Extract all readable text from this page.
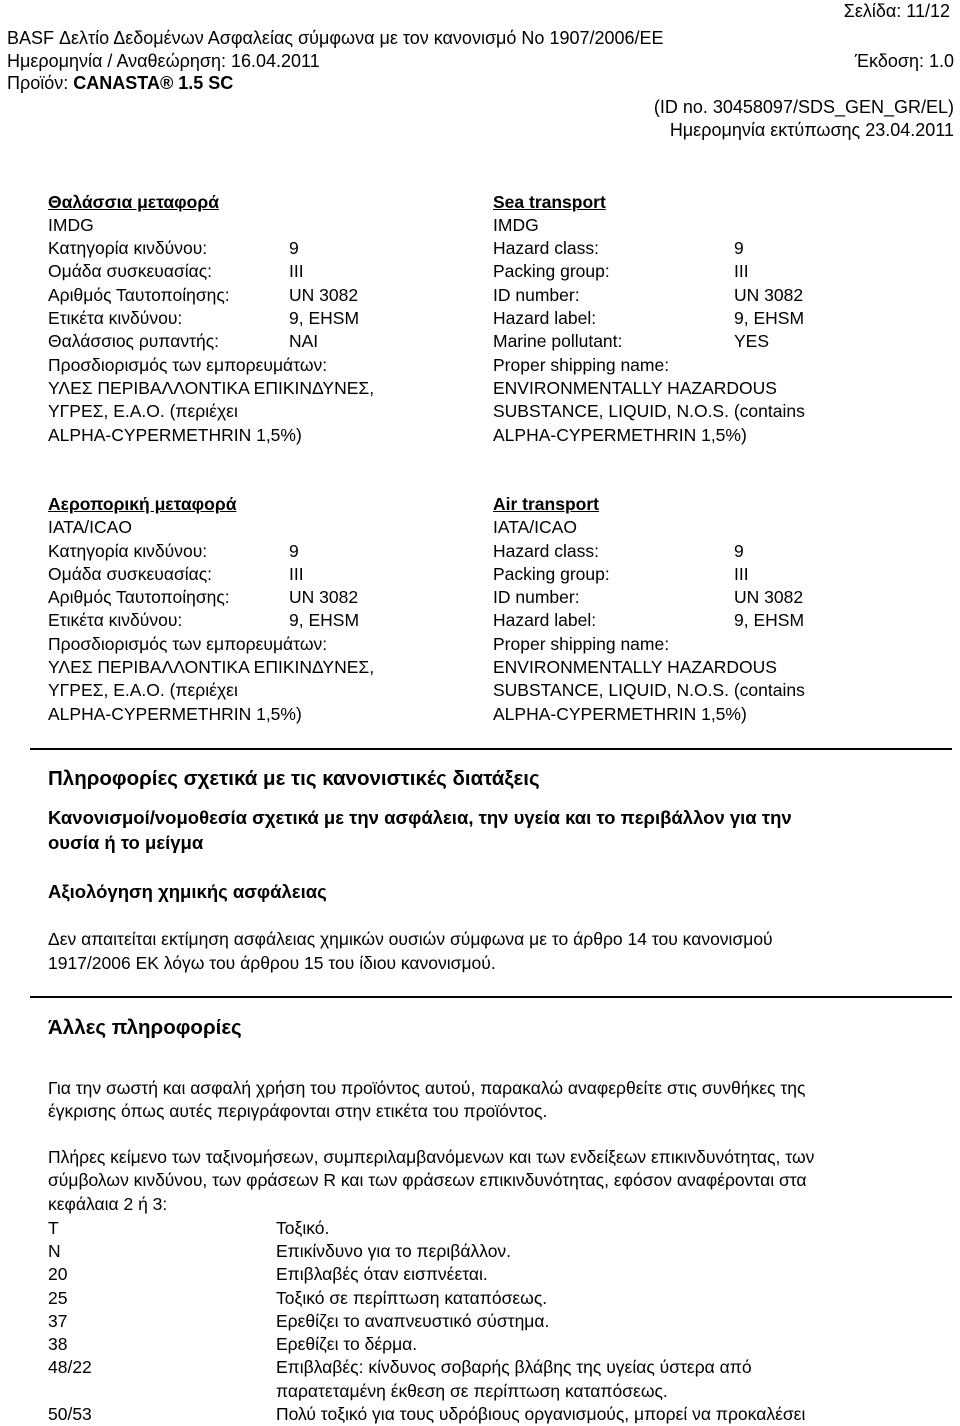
Σελίδα: 11/12
BASF Δελτίο Δεδομένων Ασφαλείας σύμφωνα με τον κανονισμό Νο 1907/2006/ΕΕ
Ημερομηνία / Αναθεώρηση: 16.04.2011	Έκδοση: 1.0
Προϊόν: CANASTA® 1.5 SC
(ID no. 30458097/SDS_GEN_GR/EL)
Ημερομηνία εκτύπωσης 23.04.2011
Θαλάσσια μεταφορά
IMDG
Κατηγορία κινδύνου:	9
Ομάδα συσκευασίας:	III
Αριθμός Ταυτοποίησης:	UN 3082
Ετικέτα κινδύνου:	9, EHSM
Θαλάσσιος ρυπαντής:	ΝΑΙ
Προσδιορισμός των εμπορευμάτων:
ΥΛΕΣ ΠΕΡΙΒΑΛΛΟΝΤΙΚΑ ΕΠΙΚΙΝΔΥΝΕΣ,
ΥΓΡΕΣ, Ε.Α.Ο. (περιέχει
ALPHA-CYPERMETHRIN 1,5%)
Sea transport
IMDG
Hazard class:	9
Packing group:	III
ID number:	UN 3082
Hazard label:	9, EHSM
Marine pollutant:	YES
Proper shipping name:
ENVIRONMENTALLY HAZARDOUS
SUBSTANCE, LIQUID, N.O.S. (contains
ALPHA-CYPERMETHRIN 1,5%)
Αεροπορική μεταφορά
IATA/ICAO
Κατηγορία κινδύνου:	9
Ομάδα συσκευασίας:	III
Αριθμός Ταυτοποίησης:	UN 3082
Ετικέτα κινδύνου:	9, EHSM
Προσδιορισμός των εμπορευμάτων:
ΥΛΕΣ ΠΕΡΙΒΑΛΛΟΝΤΙΚΑ ΕΠΙΚΙΝΔΥΝΕΣ,
ΥΓΡΕΣ, Ε.Α.Ο. (περιέχει
ALPHA-CYPERMETHRIN 1,5%)
Air transport
IATA/ICAO
Hazard class:	9
Packing group:	III
ID number:	UN 3082
Hazard label:	9, EHSM
Proper shipping name:
ENVIRONMENTALLY HAZARDOUS
SUBSTANCE, LIQUID, N.O.S. (contains
ALPHA-CYPERMETHRIN 1,5%)
Πληροφορίες σχετικά με τις κανονιστικές διατάξεις
Κανονισμοί/νομοθεσία σχετικά με την ασφάλεια, την υγεία και το περιβάλλον για την
ουσία ή το μείγμα
Αξιολόγηση χημικής ασφάλειας
Δεν απαιτείται εκτίμηση ασφάλειας χημικών ουσιών σύμφωνα με το άρθρο 14 του κανονισμού
1917/2006 ΕΚ λόγω του άρθρου 15 του ίδιου κανονισμού.
Άλλες πληροφορίες
Για την σωστή και ασφαλή χρήση του προϊόντος αυτού, παρακαλώ αναφερθείτε στις συνθήκες της
έγκρισης όπως αυτές περιγράφονται στην ετικέτα του προϊόντος.
Πλήρες κείμενο των ταξινομήσεων, συμπεριλαμβανόμενων και των ενδείξεων επικινδυνότητας, των
σύμβολων κινδύνου, των φράσεων R και των φράσεων επικινδυνότητας, εφόσον αναφέρονται στα
κεφάλαια 2 ή 3:
T	Τοξικό.
N	Επικίνδυνο για το περιβάλλον.
20	Επιβλαβές όταν εισπνέεται.
25	Τοξικό σε περίπτωση καταπόσεως.
37	Ερεθίζει το αναπνευστικό σύστημα.
38	Ερεθίζει το δέρμα.
48/22	Επιβλαβές: κίνδυνος σοβαρής βλάβης της υγείας ύστερα από
παρατεταμένη έκθεση σε περίπτωση καταπόσεως.
50/53	Πολύ τοξικό για τους υδρόβιους οργανισμούς, μπορεί να προκαλέσει
